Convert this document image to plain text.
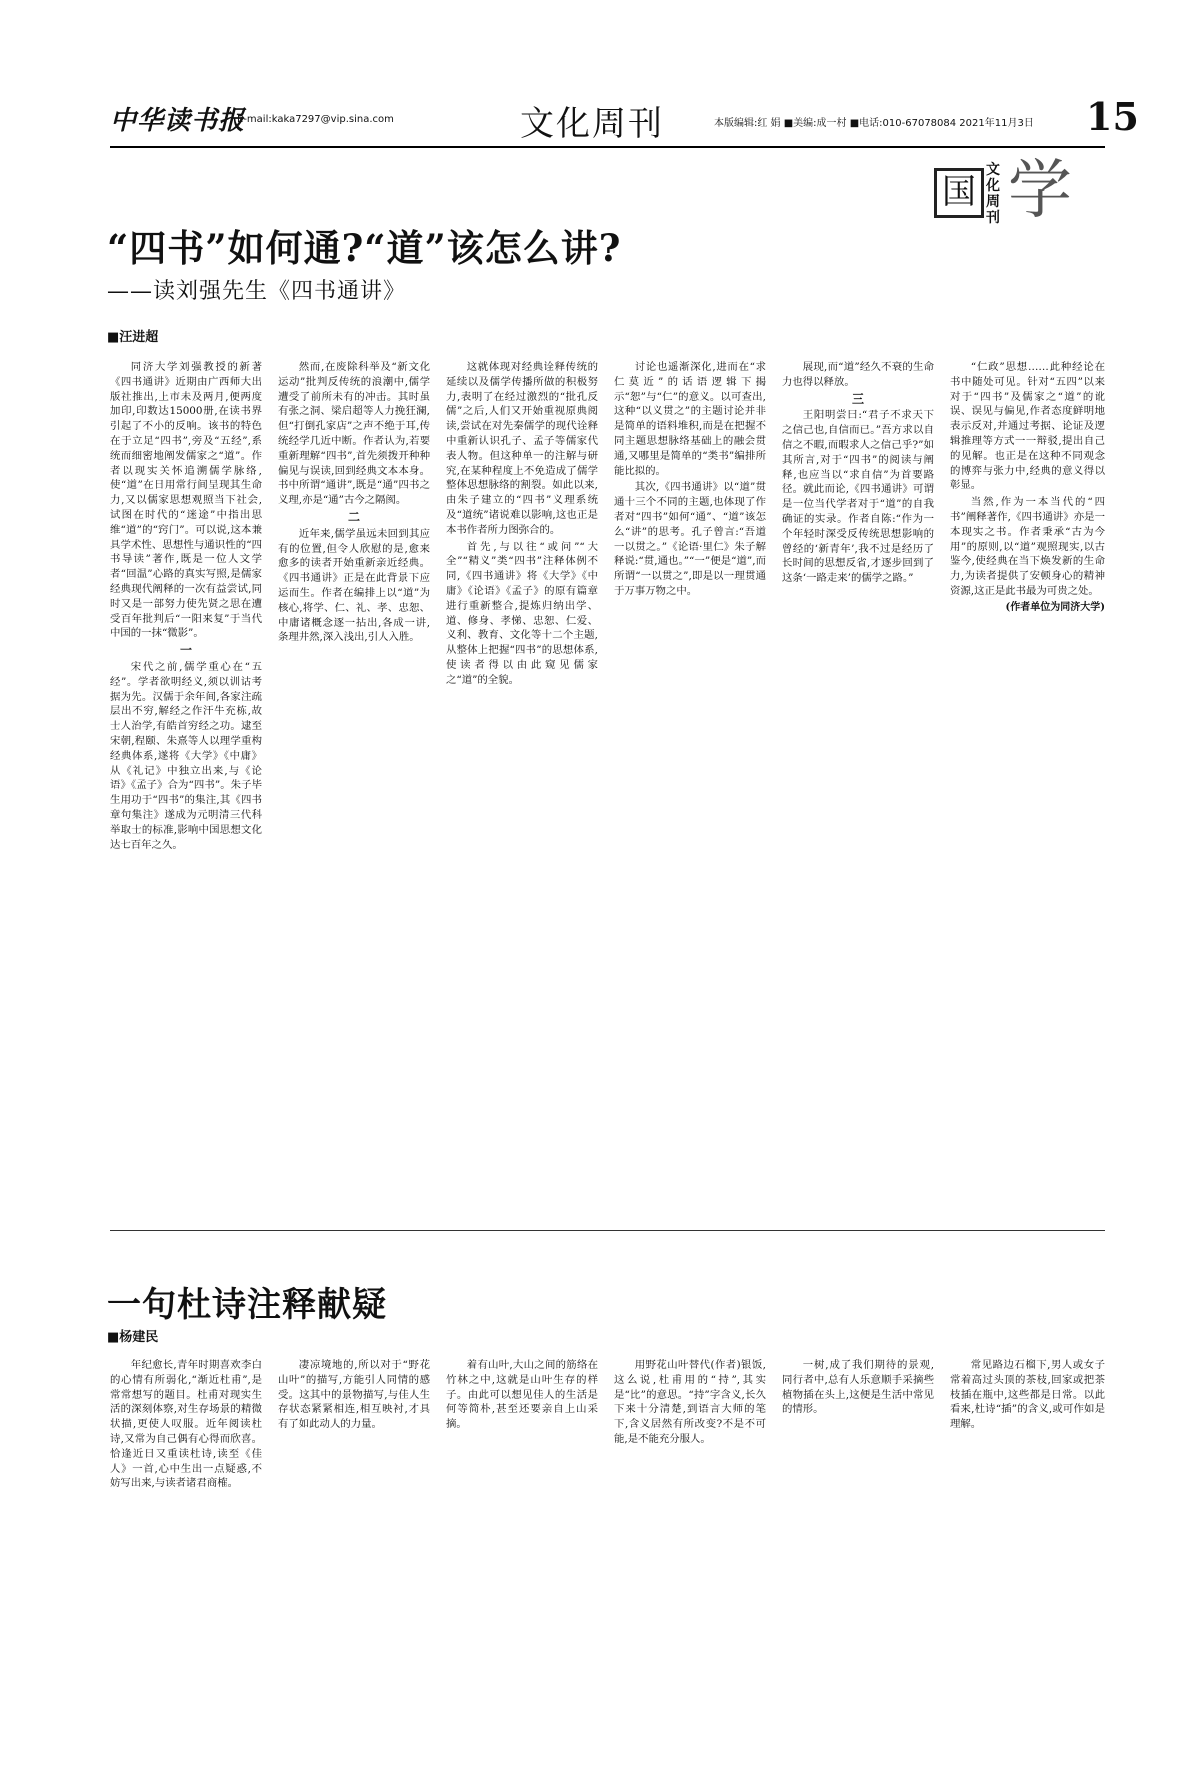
中华读书报
E-mail:kaka7297@vip.sina.com	文化周刊	本版编辑:红 娟 ■美编:成一村 ■电话:010-67078084 2021年11月3日 15
国
文化周刊 学
“四书”如何通?“道”该怎么讲?
——读刘强先生《四书通讲》
■汪进超

同济大学刘强教授的新著《四书通讲》近期由广西师大出版社推出,上市未及两月,便两度加印,印数达15000册,在读书界引起了不小的反响。该书的特色在于立足“四书”,旁及“五经”,系统而细密地阐发儒家之“道”。作者以现实关怀追溯儒学脉络,使“道”在日用常行间呈现其生命力,又以儒家思想观照当下社会,试图在时代的“迷途”中指出思维“道”的“窍门”。可以说,这本兼具学术性、思想性与通识性的“四书导读”著作,既是一位人文学者“回温”心路的真实写照,是儒家经典现代阐释的一次有益尝试,同时又是一部努力使先贤之思在遭受百年批判后“一阳来复”于当代中国的一抹“微影”。

一

宋代之前,儒学重心在“五经”。学者欲明经义,须以训诂考据为先。汉儒于余年间,各家注疏层出不穷,解经之作汗牛充栋,故士人治学,有皓首穷经之功。逮至宋朝,程颐、朱熹等人以理学重构经典体系,遂将《大学》《中庸》从《礼记》中独立出来,与《论语》《孟子》合为“四书”。朱子毕生用功于“四书”的集注,其《四书章句集注》遂成为元明清三代科举取士的标准,影响中国思想文化达七百年之久。

然而,在废除科举及“新文化运动”批判反传统的浪潮中,儒学遭受了前所未有的冲击。其时虽有张之洞、梁启超等人力挽狂澜,但“打倒孔家店”之声不绝于耳,传统经学几近中断。作者认为,若要重新理解“四书”,首先须拨开种种偏见与误读,回到经典文本本身。书中所谓“通讲”,既是“通”四书之义理,亦是“通”古今之隔阂。

二

近年来,儒学虽远未回到其应有的位置,但令人欣慰的是,愈来愈多的读者开始重新亲近经典。《四书通讲》正是在此背景下应运而生。作者在编排上以“道”为核心,将学、仁、礼、孝、忠恕、中庸诸概念逐一拈出,各成一讲,条理井然,深入浅出,引人入胜。

这就体现对经典诠释传统的延续以及儒学传播所做的积极努力,表明了在经过激烈的“批孔反儒”之后,人们又开始重视原典阅读,尝试在对先秦儒学的现代诠释中重新认识孔子、孟子等儒家代表人物。但这种单一的注解与研究,在某种程度上不免造成了儒学整体思想脉络的割裂。如此以来,由朱子建立的“四书”义理系统及“道统”诸说难以影响,这也正是本书作者所力图弥合的。

首先,与以往“或问”“大全”“精义”类“四书”注释体例不同,《四书通讲》将《大学》《中庸》《论语》《孟子》的原有篇章进行重新整合,提炼归纳出学、道、修身、孝悌、忠恕、仁爱、义利、教育、文化等十二个主题,从整体上把握“四书”的思想体系,使读者得以由此窥见儒家之“道”的全貌。

讨论也遥渐深化,进而在“求仁莫近”的话语逻辑下揭示“恕”与“仁”的意义。以可查出,这种“以义贯之”的主题讨论并非是简单的语料堆积,而是在把握不同主题思想脉络基础上的融会贯通,又哪里是简单的“类书”编排所能比拟的。

其次,《四书通讲》以“道”贯通十三个不同的主题,也体现了作者对“四书”如何“通”、“道”该怎么“讲”的思考。孔子曾言:“吾道一以贯之。”《论语·里仁》朱子解释说:“贯,通也。”“一”便是“道”,而所谓“一以贯之”,即是以一理贯通于万事万物之中。

展现,而“道”经久不衰的生命力也得以释放。

三

王阳明尝曰:“君子不求天下之信己也,自信而已。”吾方求以自信之不暇,而暇求人之信己乎?”如其所言,对于“四书”的阅读与阐释,也应当以“求自信”为首要路径。就此而论,《四书通讲》可谓是一位当代学者对于“道”的自我确证的实录。作者自陈:“作为一个年轻时深受反传统思想影响的曾经的‘新青年’,我不过是经历了长时间的思想反省,才逐步回到了这条‘一路走来’的儒学之路。”

“仁政”思想……此种经论在书中随处可见。针对“五四”以来对于“四书”及儒家之“道”的讹误、误见与偏见,作者态度鲜明地表示反对,并通过考据、论证及逻辑推理等方式一一辩驳,提出自己的见解。也正是在这种不同观念的博弈与张力中,经典的意义得以彰显。

当然,作为一本当代的“四书”阐释著作,《四书通讲》亦是一本现实之书。作者秉承“古为今用”的原则,以“道”观照现实,以古鉴今,使经典在当下焕发新的生命力,为读者提供了安顿身心的精神资源,这正是此书最为可贵之处。

(作者单位为同济大学)

一句杜诗注释献疑
■杨建民

年纪愈长,青年时期喜欢李白的心情有所弱化,“渐近杜甫”,是常常想写的题目。杜甫对现实生活的深刻体察,对生存场景的精微状描,更使人叹服。近年阅读杜诗,又常为自己偶有心得而欣喜。恰逢近日又重读杜诗,读至《佳人》一首,心中生出一点疑惑,不妨写出来,与读者诸君商榷。

凄凉境地的,所以对于“野花山叶”的描写,方能引人同情的感受。这其中的景物描写,与佳人生存状态紧紧相连,相互映衬,才具有了如此动人的力量。

着有山叶,大山之间的筋络在竹林之中,这就是山叶生存的样子。由此可以想见佳人的生活是何等简朴,甚至还要亲自上山采摘。

用野花山叶替代(作者)银饭,这么说,杜甫用的“持”,其实是“比”的意思。“持”字含义,长久下来十分清楚,到语言大师的笔下,含义居然有所改变?不是不可能,是不能充分服人。

一树,成了我们期待的景观,同行者中,总有人乐意顺手采摘些植物插在头上,这便是生活中常见的情形。

常见路边石榴下,男人或女子常着高过头顶的茶枝,回家或把茶枝插在瓶中,这些都是日常。以此看来,杜诗“插”的含义,或可作如是理解。
